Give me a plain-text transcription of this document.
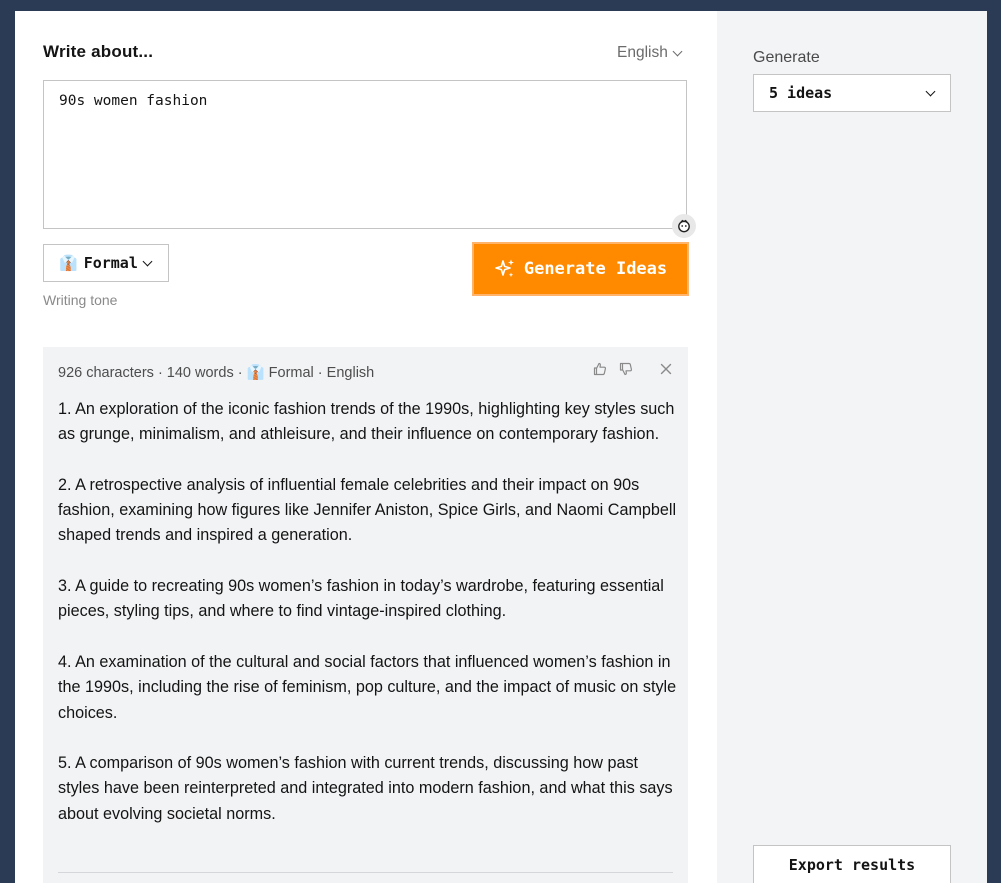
Write about...	English
90s women fashion
👔 Formal
Writing tone
Generate Ideas
926 characters · 140 words · 👔 Formal · English

1. An exploration of the iconic fashion trends of the 1990s, highlighting key styles such as grunge, minimalism, and athleisure, and their influence on contemporary fashion.

2. A retrospective analysis of influential female celebrities and their impact on 90s fashion, examining how figures like Jennifer Aniston, Spice Girls, and Naomi Campbell shaped trends and inspired a generation.

3. A guide to recreating 90s women’s fashion in today’s wardrobe, featuring essential pieces, styling tips, and where to find vintage-inspired clothing.

4. An examination of the cultural and social factors that influenced women’s fashion in the 1990s, including the rise of feminism, pop culture, and the impact of music on style choices.

5. A comparison of 90s women’s fashion with current trends, discussing how past styles have been reinterpreted and integrated into modern fashion, and what this says about evolving societal norms.

Generate
5 ideas
Export results
